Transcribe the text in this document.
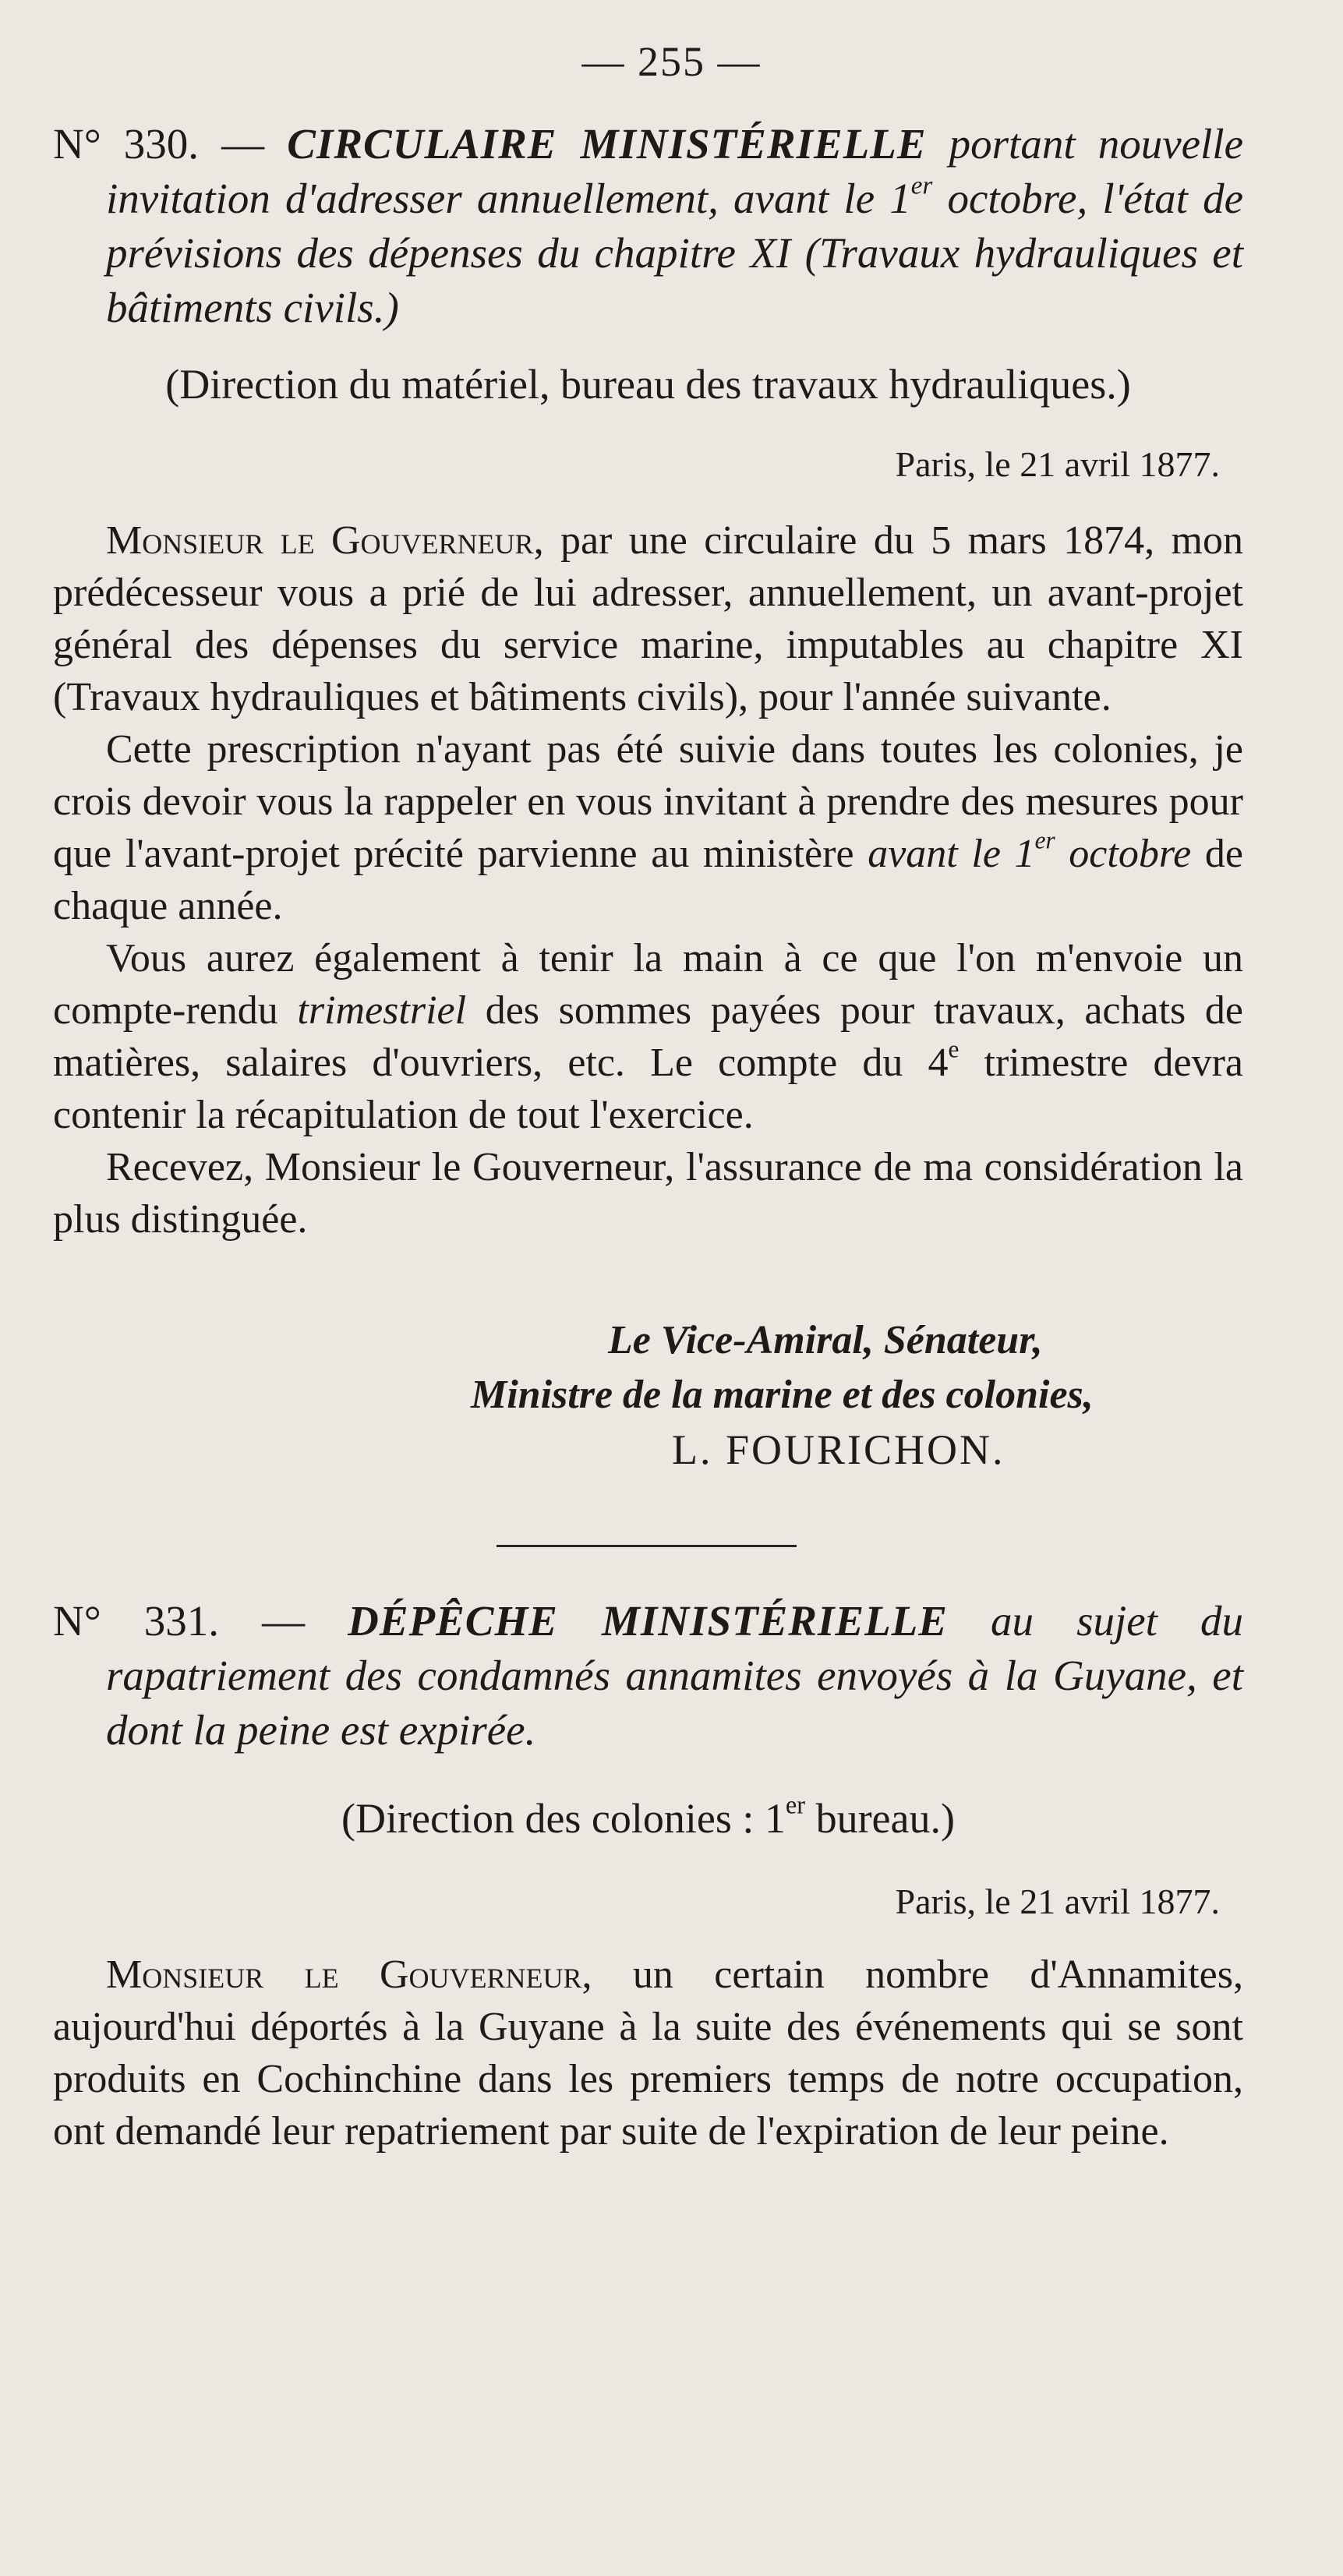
— 255 —
N° 330. — CIRCULAIRE MINISTÉRIELLE portant nouvelle invitation d'adresser annuellement, avant le 1er octobre, l'état de prévisions des dépenses du chapitre XI (Travaux hydrauliques et bâtiments civils.)
(Direction du matériel, bureau des travaux hydrauliques.)
Paris, le 21 avril 1877.

Monsieur le Gouverneur, par une circulaire du 5 mars 1874, mon prédécesseur vous a prié de lui adresser, annuellement, un avant-projet général des dépenses du service marine, imputables au chapitre XI (Travaux hydrauliques et bâtiments civils), pour l'année suivante.

Cette prescription n'ayant pas été suivie dans toutes les colonies, je crois devoir vous la rappeler en vous invitant à prendre des mesures pour que l'avant-projet précité parvienne au ministère avant le 1er octobre de chaque année.

Vous aurez également à tenir la main à ce que l'on m'envoie un compte-rendu trimestriel des sommes payées pour travaux, achats de matières, salaires d'ouvriers, etc. Le compte du 4e trimestre devra contenir la récapitulation de tout l'exercice.

Recevez, Monsieur le Gouverneur, l'assurance de ma considération la plus distinguée.

Le Vice-Amiral, Sénateur,
Ministre de la marine et des colonies,
L. FOURICHON.
N° 331. — DÉPÊCHE MINISTÉRIELLE au sujet du rapatriement des condamnés annamites envoyés à la Guyane, et dont la peine est expirée.
(Direction des colonies : 1er bureau.)
Paris, le 21 avril 1877.

Monsieur le Gouverneur, un certain nombre d'Annamites, aujourd'hui déportés à la Guyane à la suite des événements qui se sont produits en Cochinchine dans les premiers temps de notre occupation, ont demandé leur repatriement par suite de l'expiration de leur peine.
